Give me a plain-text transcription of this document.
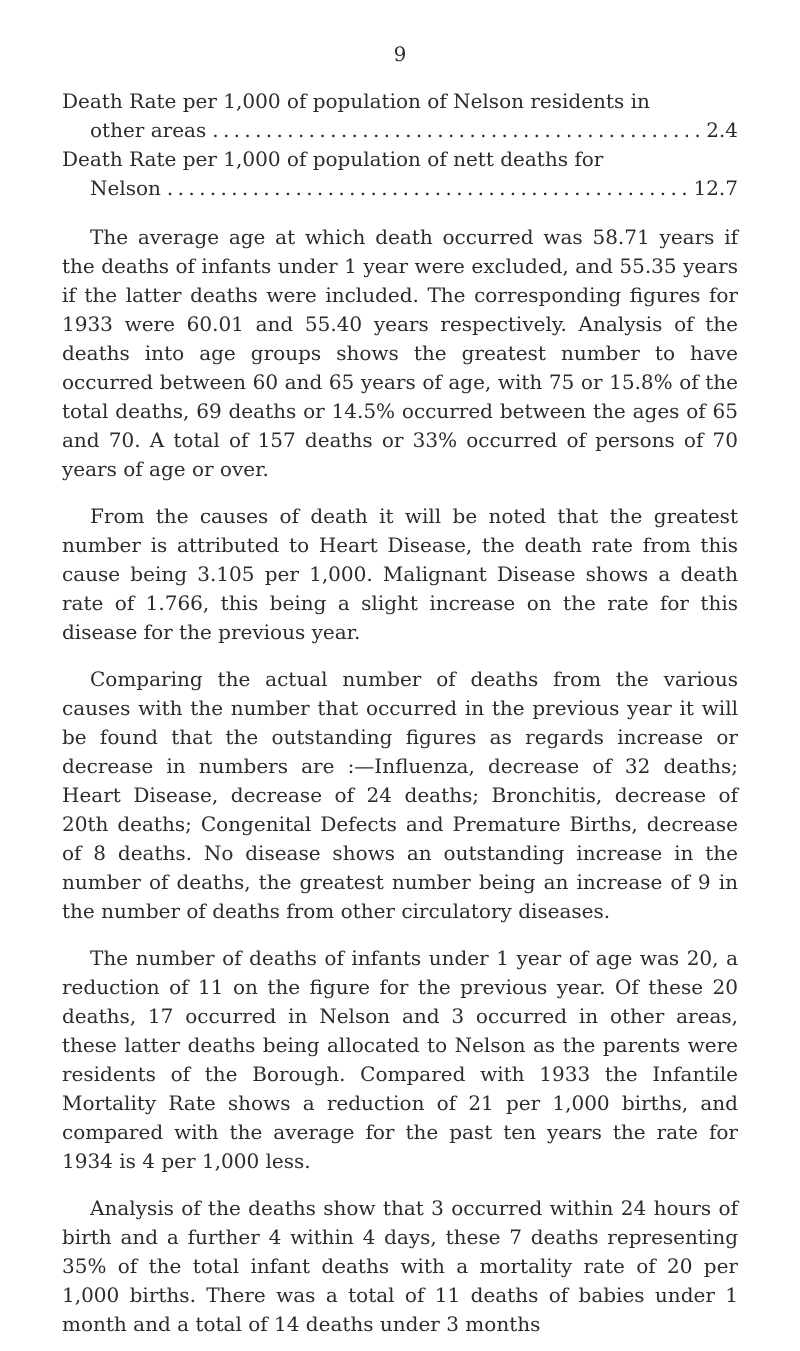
9
Death Rate per 1,000 of population of Nelson residents in
other areas . . .	2.4
Death Rate per 1,000 of population of nett deaths for
Nelson . . .	12.7

The average age at which death occurred was 58.71 years if the deaths of infants under 1 year were excluded, and 55.35 years if the latter deaths were included. The corresponding figures for 1933 were 60.01 and 55.40 years respectively. Analysis of the deaths into age groups shows the greatest number to have occurred between 60 and 65 years of age, with 75 or 15.8% of the total deaths, 69 deaths or 14.5% occurred between the ages of 65 and 70. A total of 157 deaths or 33% occurred of persons of 70 years of age or over.

From the causes of death it will be noted that the greatest number is attributed to Heart Disease, the death rate from this cause being 3.105 per 1,000. Malignant Disease shows a death rate of 1.766, this being a slight increase on the rate for this disease for the previous year.

Comparing the actual number of deaths from the various causes with the number that occurred in the previous year it will be found that the outstanding figures as regards increase or decrease in numbers are :—Influenza, decrease of 32 deaths; Heart Disease, decrease of 24 deaths; Bronchitis, decrease of 20th deaths; Congenital Defects and Premature Births, decrease of 8 deaths. No disease shows an outstanding increase in the number of deaths, the greatest number being an increase of 9 in the number of deaths from other circulatory diseases.

The number of deaths of infants under 1 year of age was 20, a reduction of 11 on the figure for the previous year. Of these 20 deaths, 17 occurred in Nelson and 3 occurred in other areas, these latter deaths being allocated to Nelson as the parents were residents of the Borough. Compared with 1933 the Infantile Mortality Rate shows a reduction of 21 per 1,000 births, and compared with the average for the past ten years the rate for 1934 is 4 per 1,000 less.

Analysis of the deaths show that 3 occurred within 24 hours of birth and a further 4 within 4 days, these 7 deaths representing 35% of the total infant deaths with a mortality rate of 20 per 1,000 births. There was a total of 11 deaths of babies under 1 month and a total of 14 deaths under 3 months
